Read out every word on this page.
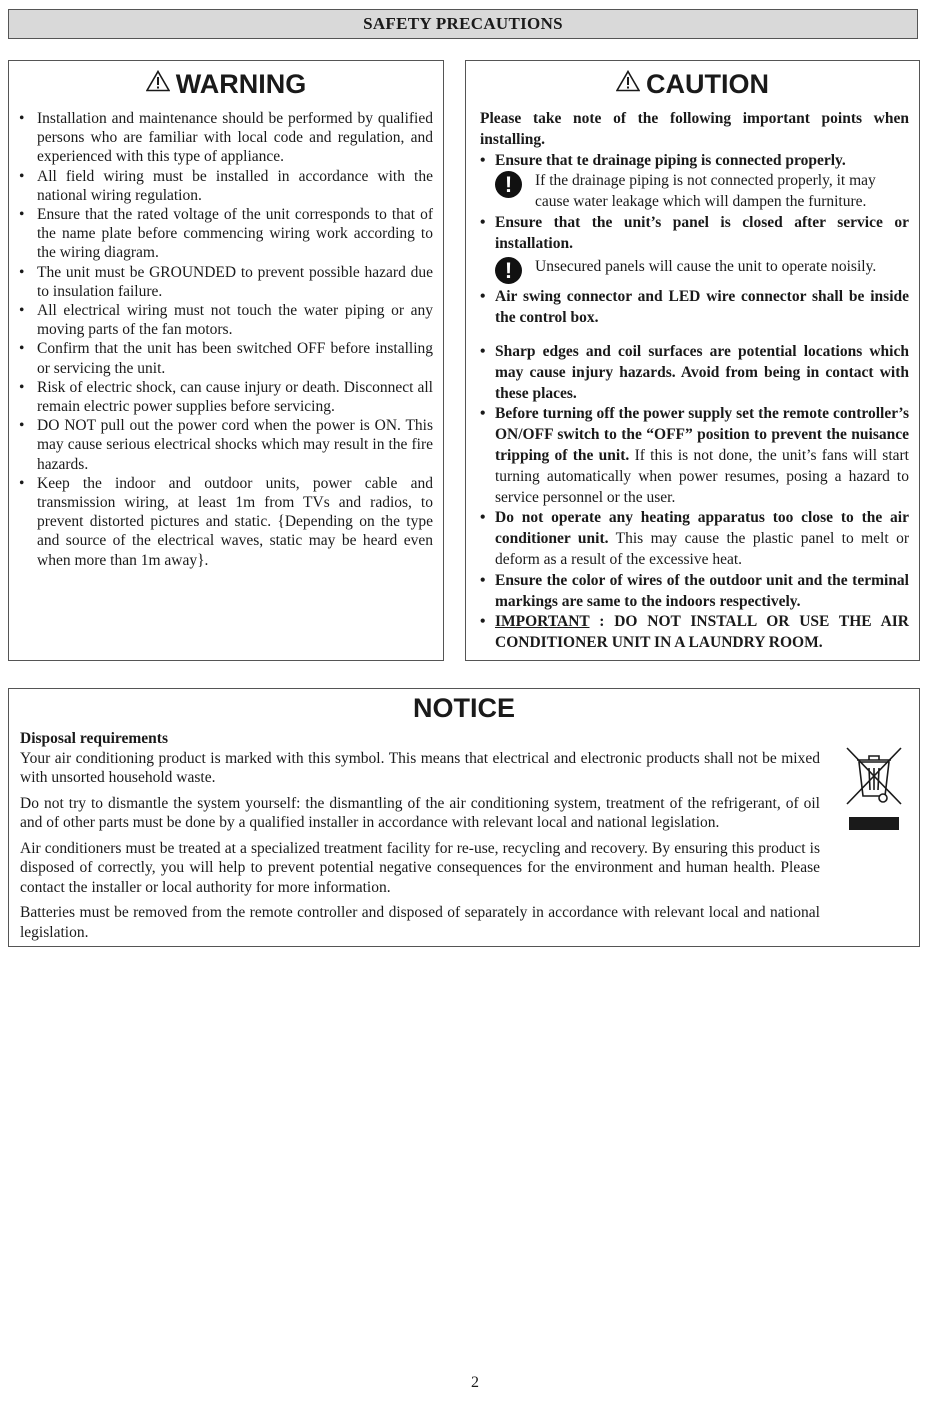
SAFETY PRECAUTIONS
WARNING
• Installation and maintenance should be performed by qualified persons who are familiar with local code and regulation, and experienced with this type of appliance.
• All field wiring must be installed in accordance with the national wiring regulation.
• Ensure that the rated voltage of the unit corresponds to that of the name plate before commencing wiring work according to the wiring diagram.
• The unit must be GROUNDED to prevent possible hazard due to insulation failure.
• All electrical wiring must not touch the water piping or any moving parts of the fan motors.
• Confirm that the unit has been switched OFF before installing or servicing the unit.
• Risk of electric shock, can cause injury or death. Disconnect all remain electric power supplies before servicing.
• DO NOT pull out the power cord when the power is ON. This may cause serious electrical shocks which may result in the fire hazards.
• Keep the indoor and outdoor units, power cable and transmission wiring, at least 1m from TVs and radios, to prevent distorted pictures and static. {Depending on the type and source of the electrical waves, static may be heard even when more than 1m away}.
CAUTION
Please take note of the following important points when installing.
• Ensure that te drainage piping is connected properly.
!	If the drainage piping is not connected properly, it may cause water leakage which will dampen the furniture.
• Ensure that the unit’s panel is closed after service or installation.
!	Unsecured panels will cause the unit to operate noisily.
• Air swing connector and LED wire connector shall be inside the control box.
• Sharp edges and coil surfaces are potential locations which may cause injury hazards. Avoid from being in contact with these places.
• Before turning off the power supply set the remote controller’s ON/OFF switch to the “OFF” position to prevent the nuisance tripping of the unit. If this is not done, the unit’s fans will start turning automatically when power resumes, posing a hazard to service personnel or the user.
• Do not operate any heating apparatus too close to the air conditioner unit. This may cause the plastic panel to melt or deform as a result of the excessive heat.
• Ensure the color of wires of the outdoor unit and the terminal markings are same to the indoors respectively.
• IMPORTANT : DO NOT INSTALL OR USE THE AIR CONDITIONER UNIT IN A LAUNDRY ROOM.
NOTICE

Disposal requirements

Your air conditioning product is marked with this symbol. This means that electrical and electronic products shall not be mixed with unsorted household waste.

Do not try to dismantle the system yourself: the dismantling of the air conditioning system, treatment of the refrigerant, of oil and of other parts must be done by a qualified installer in accordance with relevant local and national legislation.

Air conditioners must be treated at a specialized treatment facility for re-use, recycling and recovery. By ensuring this product is disposed of correctly, you will help to prevent potential negative consequences for the environment and human health. Please contact the installer or local authority for more information.

Batteries must be removed from the remote controller and disposed of separately in accordance with relevant local and national legislation.

2
